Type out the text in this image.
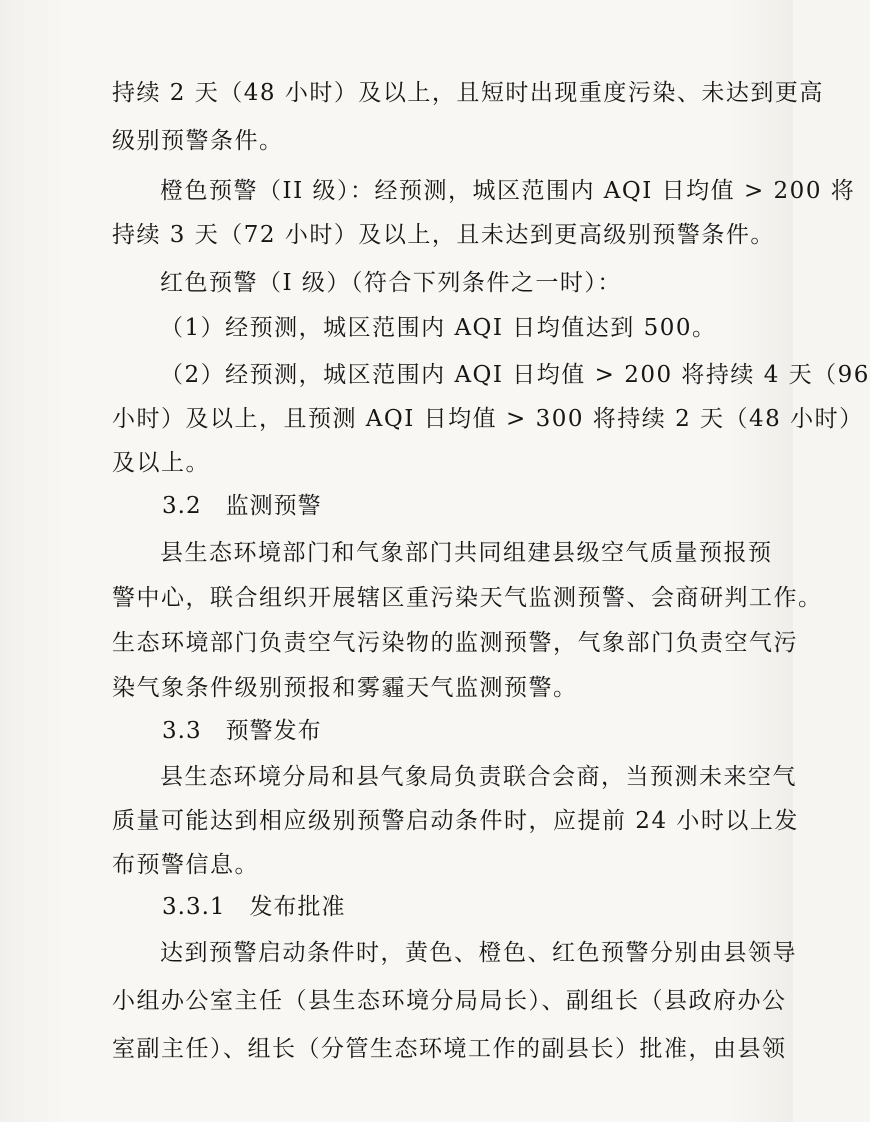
持续 2 天（48 小时）及以上，且短时出现重度污染、未达到更高
级别预警条件。
橙色预警（II 级）：经预测，城区范围内 AQI 日均值 > 200 将
持续 3 天（72 小时）及以上，且未达到更高级别预警条件。
红色预警（I 级）（符合下列条件之一时）：
（1）经预测，城区范围内 AQI 日均值达到 500。
（2）经预测，城区范围内 AQI 日均值 > 200 将持续 4 天（96
小时）及以上，且预测 AQI 日均值 > 300 将持续 2 天（48 小时）
及以上。
3.2　监测预警
县生态环境部门和气象部门共同组建县级空气质量预报预
警中心，联合组织开展辖区重污染天气监测预警、会商研判工作。
生态环境部门负责空气污染物的监测预警，气象部门负责空气污
染气象条件级别预报和雾霾天气监测预警。
3.3　预警发布
县生态环境分局和县气象局负责联合会商，当预测未来空气
质量可能达到相应级别预警启动条件时，应提前 24 小时以上发
布预警信息。
3.3.1　发布批准
达到预警启动条件时，黄色、橙色、红色预警分别由县领导
小组办公室主任（县生态环境分局局长）、副组长（县政府办公
室副主任）、组长（分管生态环境工作的副县长）批准，由县领
